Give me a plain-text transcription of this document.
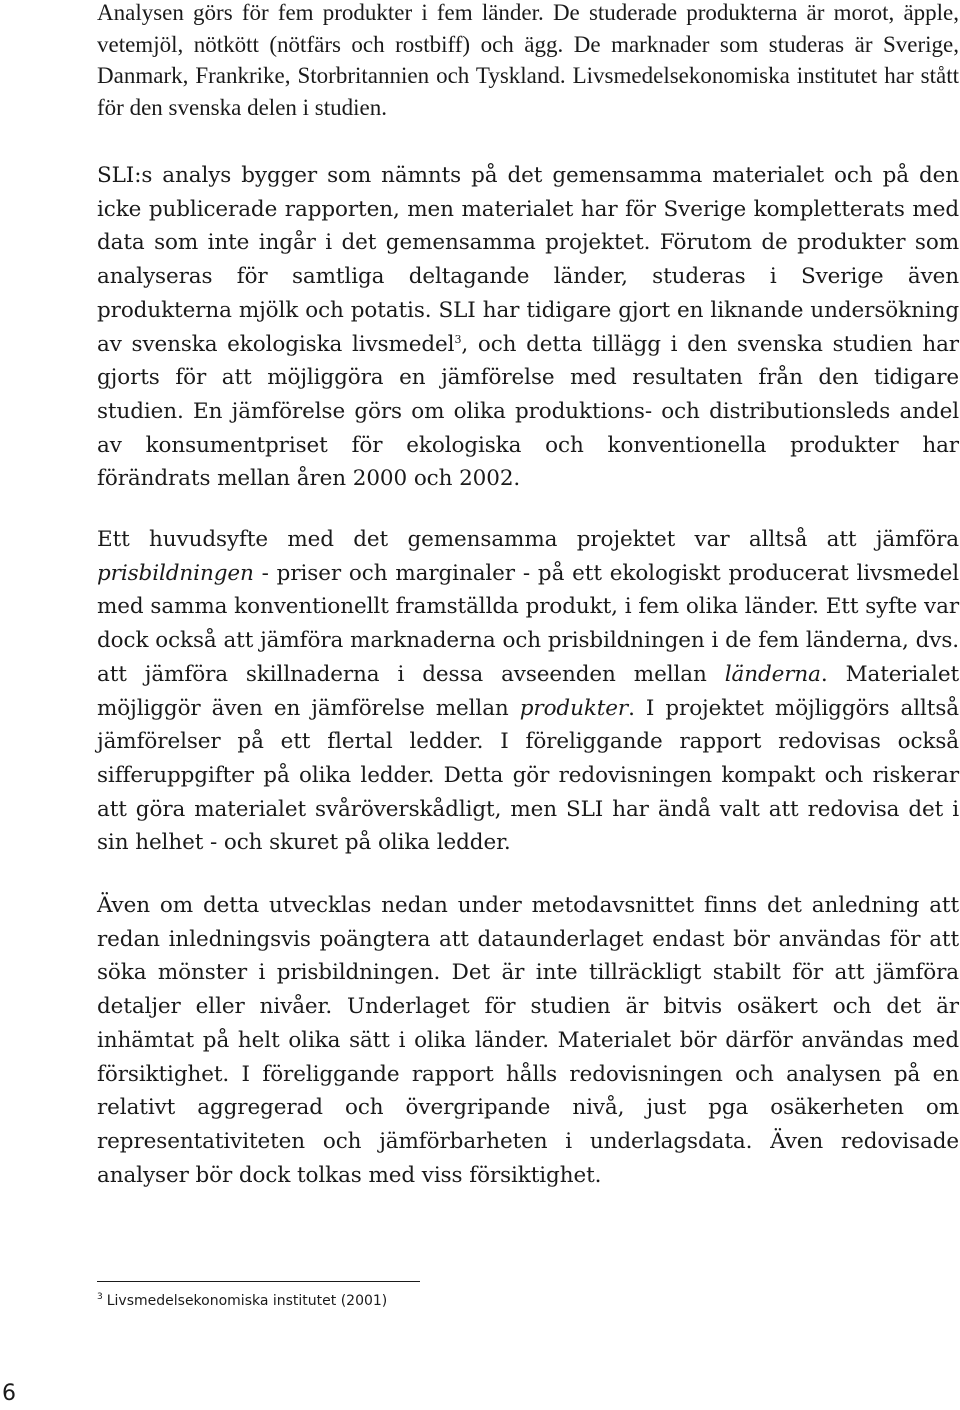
Analysen görs för fem produkter i fem länder. De studerade produkterna är morot, äpple, vetemjöl, nötkött (nötfärs och rostbiff) och ägg. De marknader som studeras är Sverige, Danmark, Frankrike, Storbritannien och Tyskland. Livsmedelsekonomiska institutet har stått för den svenska delen i studien.

SLI:s analys bygger som nämnts på det gemensamma materialet och på den icke publicerade rapporten, men materialet har för Sverige kompletterats med data som inte ingår i det gemensamma projektet. Förutom de produkter som analyseras för samtliga deltagande länder, studeras i Sverige även produkterna mjölk och potatis. SLI har tidigare gjort en liknande undersökning av svenska ekologiska livsmedel$^3$, och detta tillägg i den svenska studien har gjorts för att möjliggöra en jämförelse med resultaten från den tidigare studien. En jämförelse görs om olika produktions- och distributionsleds andel av konsumentpriset för ekologiska och konventionella produkter har förändrats mellan åren 2000 och 2002.

Ett huvudsyfte med det gemensamma projektet var alltså att jämföra prisbildningen - priser och marginaler - på ett ekologiskt producerat livsmedel med samma konventionellt framställda produkt, i fem olika länder. Ett syfte var dock också att jämföra marknaderna och prisbildningen i de fem länderna, dvs. att jämföra skillnaderna i dessa avseenden mellan länderna. Materialet möjliggör även en jämförelse mellan produkter. I projektet möjliggörs alltså jämförelser på ett flertal ledder. I föreliggande rapport redovisas också sifferuppgifter på olika ledder. Detta gör redovisningen kompakt och riskerar att göra materialet svåröverskådligt, men SLI har ändå valt att redovisa det i sin helhet - och skuret på olika ledder.

Även om detta utvecklas nedan under metodavsnittet finns det anledning att redan inledningsvis poängtera att dataunderlaget endast bör användas för att söka mönster i prisbildningen. Det är inte tillräckligt stabilt för att jämföra detaljer eller nivåer. Underlaget för studien är bitvis osäkert och det är inhämtat på helt olika sätt i olika länder. Materialet bör därför användas med försiktighet. I föreliggande rapport hålls redovisningen och analysen på en relativt aggregerad och övergripande nivå, just pga osäkerheten om representativiteten och jämförbarheten i underlagsdata. Även redovisade analyser bör dock tolkas med viss försiktighet.

$^3$ Livsmedelsekonomiska institutet (2001)
6
